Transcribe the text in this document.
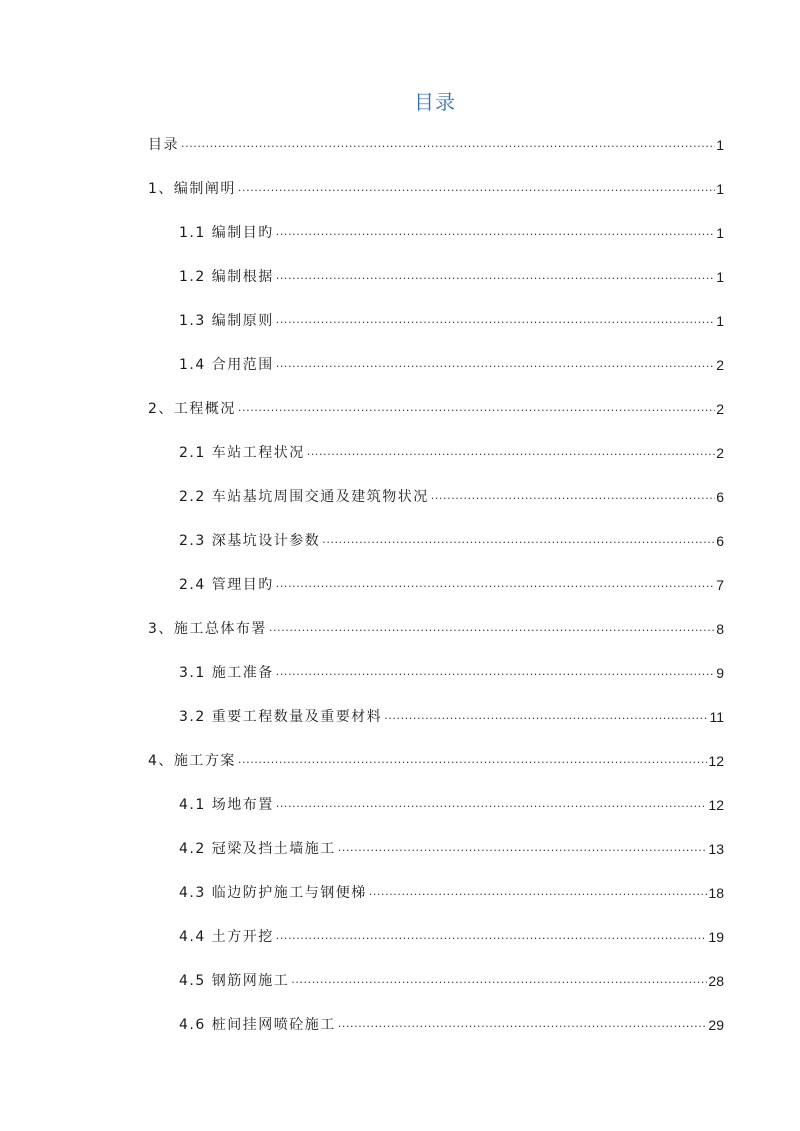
目录
目录 .....	1
1、编制阐明 .....	1
1.1 编制目旳 .....	1
1.2 编制根据 .....	1
1.3 编制原则 .....	1
1.4 合用范围 .....	2
2、工程概况 .....	2
2.1 车站工程状况 .....	2
2.2 车站基坑周围交通及建筑物状况 .....	6
2.3 深基坑设计参数 .....	6
2.4 管理目旳 .....	7
3、施工总体布署 .....	8
3.1 施工准备 .....	9
3.2 重要工程数量及重要材料 .....	11
4、施工方案 .....	12
4.1 场地布置 .....	12
4.2 冠梁及挡土墙施工 .....	13
4.3 临边防护施工与钢便梯 .....	18
4.4 土方开挖 .....	19
4.5 钢筋网施工 .....	28
4.6 桩间挂网喷砼施工 .....	29
